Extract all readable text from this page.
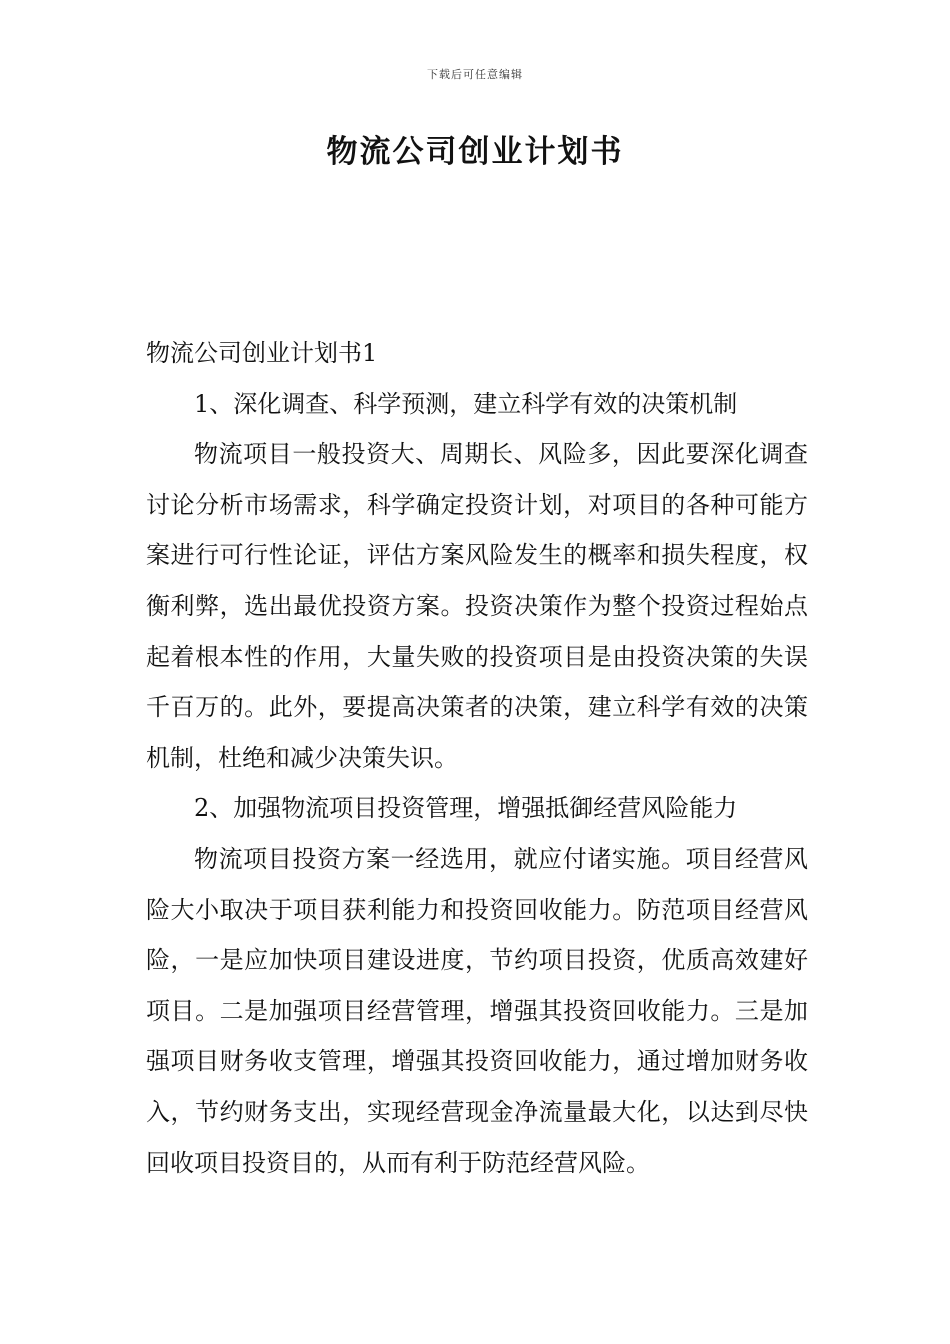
下载后可任意编辑
物流公司创业计划书

物流公司创业计划书1

1、深化调查、科学预测，建立科学有效的决策机制

物流项目一般投资大、周期长、风险多，因此要深化调查讨论分析市场需求，科学确定投资计划，对项目的各种可能方案进行可行性论证，评估方案风险发生的概率和损失程度，权衡利弊，选出最优投资方案。投资决策作为整个投资过程始点起着根本性的作用，大量失败的投资项目是由投资决策的失误千百万的。此外，要提高决策者的决策，建立科学有效的决策机制，杜绝和减少决策失识。

2、加强物流项目投资管理，增强抵御经营风险能力

物流项目投资方案一经选用，就应付诸实施。项目经营风险大小取决于项目获利能力和投资回收能力。防范项目经营风险，一是应加快项目建设进度，节约项目投资，优质高效建好项目。二是加强项目经营管理，增强其投资回收能力。三是加强项目财务收支管理，增强其投资回收能力，通过增加财务收入，节约财务支出，实现经营现金净流量最大化，以达到尽快回收项目投资目的，从而有利于防范经营风险。
